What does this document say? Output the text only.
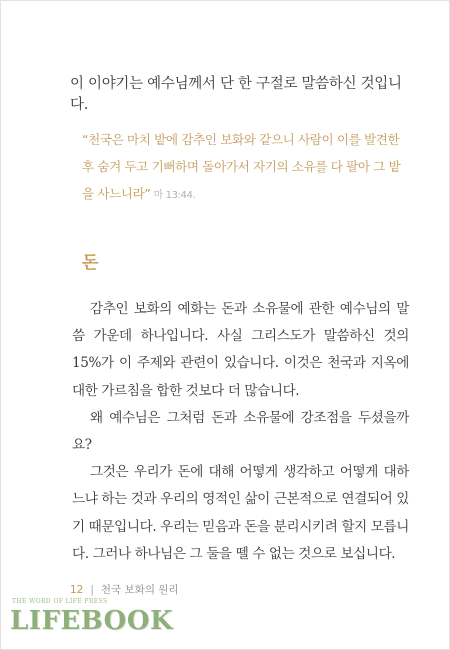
이 이야기는 예수님께서 단 한 구절로 말씀하신 것입니다.
“천국은 마치 밭에 감추인 보화와 같으니 사람이 이를 발견한 후 숨겨 두고 기뻐하며 돌아가서 자기의 소유를 다 팔아 그 밭을 사느니라” 마 13:44.
돈

감추인 보화의 예화는 돈과 소유물에 관한 예수님의 말씀 가운데 하나입니다. 사실 그리스도가 말씀하신 것의 15%가 이 주제와 관련이 있습니다. 이것은 천국과 지옥에 대한 가르침을 합한 것보다 더 많습니다.

왜 예수님은 그처럼 돈과 소유물에 강조점을 두셨을까요?

그것은 우리가 돈에 대해 어떻게 생각하고 어떻게 대하느냐 하는 것과 우리의 영적인 삶이 근본적으로 연결되어 있기 때문입니다. 우리는 믿음과 돈을 분리시키려 할지 모릅니다. 그러나 하나님은 그 둘을 뗄 수 없는 것으로 보십니다.

12 | 천국 보화의 원리
THE WORD OF LIFE PRESS
LIFEBOOK
